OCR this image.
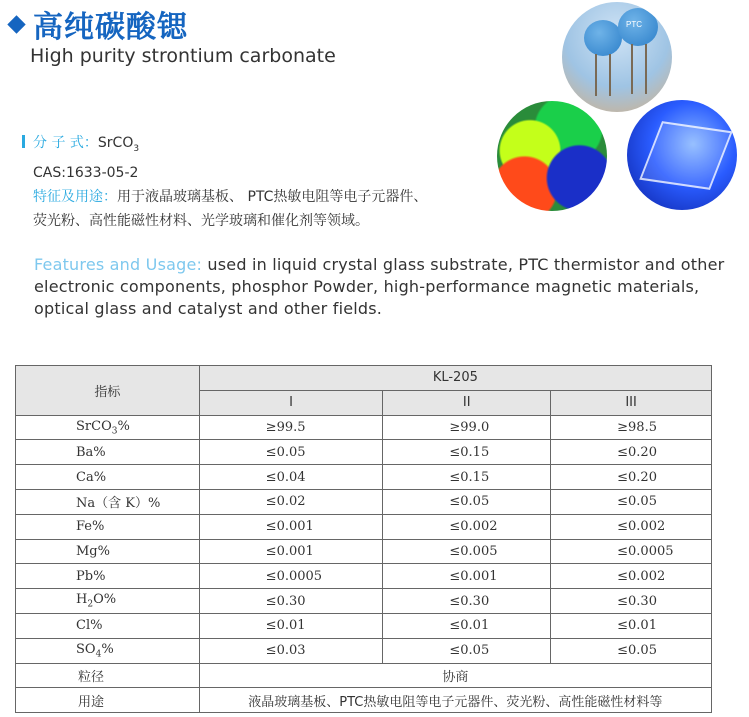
高纯碳酸锶
High purity strontium carbonate
分 子 式：SrCO$_3$
CAS:1633-05-2
特征及用途：用于液晶玻璃基板、 PTC热敏电阻等电子元器件、
荧光粉、高性能磁性材料、光学玻璃和催化剂等领域。
Features and Usage: used in liquid crystal glass substrate, PTC thermistor and other electronic components, phosphor Powder, high-performance magnetic materials, optical glass and catalyst and other fields.
PTC
指标	KL-205		
	I	II	III
SrCO$_3$%	≥99.5	≥99.0	≥98.5
Ba%	≤0.05	≤0.15	≤0.20
Ca%	≤0.04	≤0.15	≤0.20
Na（含 K）%	≤0.02	≤0.05	≤0.05
Fe%	≤0.001	≤0.002	≤0.002
Mg%	≤0.001	≤0.005	≤0.0005
Pb%	≤0.0005	≤0.001	≤0.002
$H_2O\%$	≤0.30	≤0.30	≤0.30
Cl%	≤0.01	≤0.01	≤0.01
$SO_4\%$	≤0.03	≤0.05	≤0.05
粒径	协商		
用途	液晶玻璃基板、PTC热敏电阻等电子元器件、荧光粉、高性能磁性材料等		
